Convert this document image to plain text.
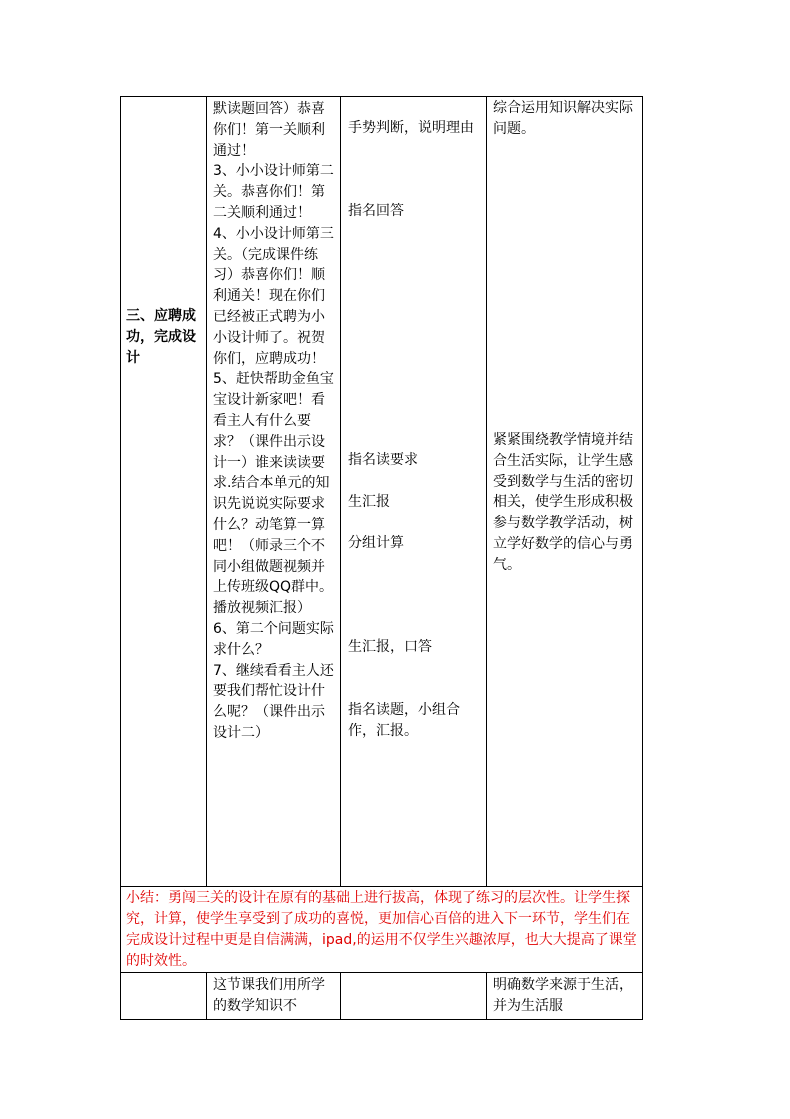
三、应聘成功，完成设计
默读题回答）恭喜你们！第一关顺利通过！
3、小小设计师第二关。恭喜你们！第二关顺利通过！
4、小小设计师第三关。（完成课件练习）恭喜你们！顺利通关！现在你们已经被正式聘为小小设计师了。祝贺你们，应聘成功！
5、赶快帮助金鱼宝宝设计新家吧！看看主人有什么要求？（课件出示设计一）谁来读读要求.结合本单元的知识先说说实际要求什么？动笔算一算吧！（师录三个不同小组做题视频并上传班级QQ群中。播放视频汇报）
6、第二个问题实际求什么？
7、继续看看主人还要我们帮忙设计什么呢？（课件出示设计二）
手势判断，说明理由
指名回答
指名读要求
生汇报
分组计算
生汇报，口答
指名读题，小组合作，汇报。
综合运用知识解决实际问题。
紧紧围绕教学情境并结合生活实际，让学生感受到数学与生活的密切相关，使学生形成积极参与数学教学活动，树立学好数学的信心与勇气。
小结：勇闯三关的设计在原有的基础上进行拔高，体现了练习的层次性。让学生探究，计算，使学生享受到了成功的喜悦，更加信心百倍的进入下一环节，学生们在完成设计过程中更是自信满满，ipad,的运用不仅学生兴趣浓厚，也大大提高了课堂的时效性。
这节课我们用所学的数学知识不
明确数学来源于生活，并为生活服
